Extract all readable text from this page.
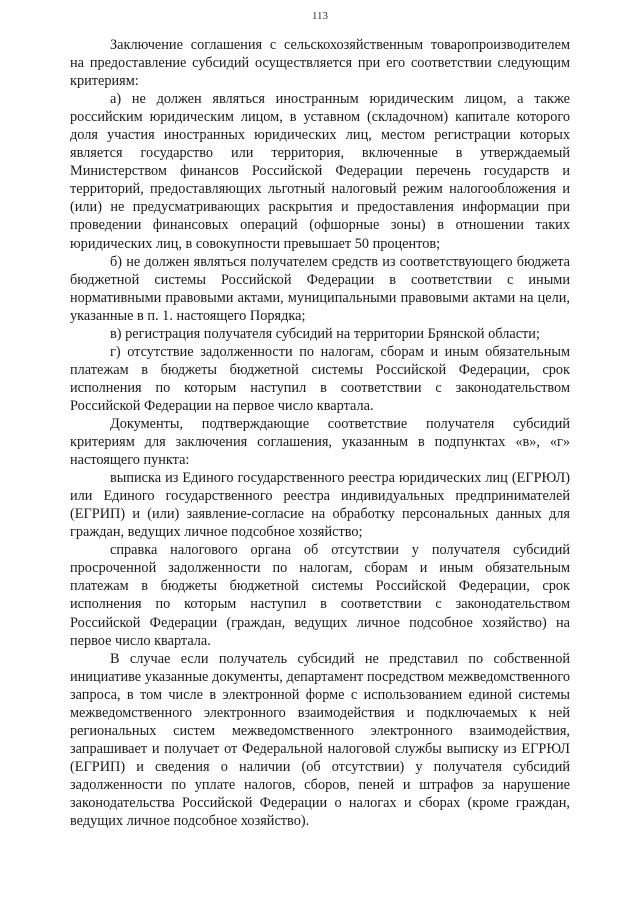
113

Заключение соглашения с сельскохозяйственным товаропроизводителем на предоставление субсидий осуществляется при его соответствии следующим критериям:

а) не должен являться иностранным юридическим лицом, а также российским юридическим лицом, в уставном (складочном) капитале которого доля участия иностранных юридических лиц, местом регистрации которых является государство или территория, включенные в утверждаемый Министерством финансов Российской Федерации перечень государств и территорий, предоставляющих льготный налоговый режим налогообложения и (или) не предусматривающих раскрытия и предоставления информации при проведении финансовых операций (офшорные зоны) в отношении таких юридических лиц, в совокупности превышает 50 процентов;

б) не должен являться получателем средств из соответствующего бюджета бюджетной системы Российской Федерации в соответствии с иными нормативными правовыми актами, муниципальными правовыми актами на цели, указанные в п. 1. настоящего Порядка;

в) регистрация получателя субсидий на территории Брянской области;

г) отсутствие задолженности по налогам, сборам и иным обязательным платежам в бюджеты бюджетной системы Российской Федерации, срок исполнения по которым наступил в соответствии с законодательством Российской Федерации на первое число квартала.

Документы, подтверждающие соответствие получателя субсидий критериям для заключения соглашения, указанным в подпунктах «в», «г» настоящего пункта:

выписка из Единого государственного реестра юридических лиц (ЕГРЮЛ) или Единого государственного реестра индивидуальных предпринимателей (ЕГРИП) и (или) заявление-согласие на обработку персональных данных для граждан, ведущих личное подсобное хозяйство;

справка налогового органа об отсутствии у получателя субсидий просроченной задолженности по налогам, сборам и иным обязательным платежам в бюджеты бюджетной системы Российской Федерации, срок исполнения по которым наступил в соответствии с законодательством Российской Федерации (граждан, ведущих личное подсобное хозяйство) на первое число квартала.

В случае если получатель субсидий не представил по собственной инициативе указанные документы, департамент посредством межведомственного запроса, в том числе в электронной форме с использованием единой системы межведомственного электронного взаимодействия и подключаемых к ней региональных систем межведомственного электронного взаимодействия, запрашивает и получает от Федеральной налоговой службы выписку из ЕГРЮЛ (ЕГРИП) и сведения о наличии (об отсутствии) у получателя субсидий задолженности по уплате налогов, сборов, пеней и штрафов за нарушение законодательства Российской Федерации о налогах и сборах (кроме граждан, ведущих личное подсобное хозяйство).
